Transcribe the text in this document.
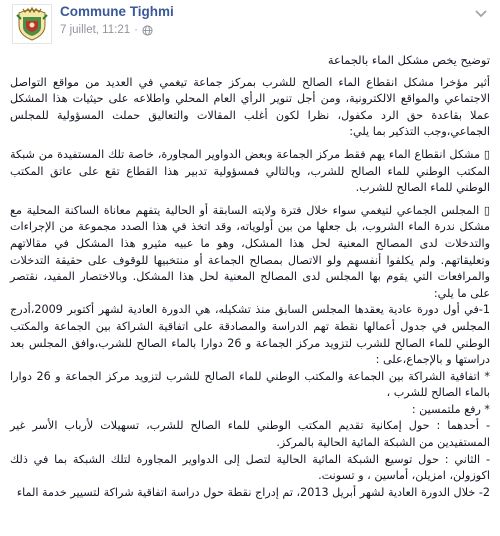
Commune Tighmi
7 juillet, 11:21 ·

توضيح يخص مشكل الماء بالجماعة

أثير مؤخرا مشكل انقطاع الماء الصالح للشرب بمركز جماعة تيغمي في العديد من مواقع التواصل الاجتماعي والمواقع الالكترونية، ومن أجل تنوير الرأي العام المحلي واطلاعه على حيثيات هذا المشكل عملا بقاعدة حق الرد مكفول، نظرا لكون أغلب المقالات والتعاليق حملت المسؤولية للمجلس الجماعي،وجب التذكير بما يلي:

▯ مشكل انقطاع الماء يهم فقط مركز الجماعة وبعض الدواوير المجاورة، خاصة تلك المستفيدة من شبكة المكتب الوطني للماء الصالح للشرب، وبالتالي فمسؤولية تدبير هذا القطاع تقع على عاتق المكتب الوطني للماء الصالح للشرب.

▯ المجلس الجماعي لتيغمي سواء خلال فترة ولايته السابقة أو الحالية يتفهم معاناة الساكنة المحلية مع مشكل ندرة الماء الشروب، بل جعلها من بين أولوياته، وقد اتخذ في هذا الصدد مجموعة من الإجراءات والتدخلات لدى المصالح المعنية لحل هذا المشكل، وهو ما عبيه مثيرو هذا المشكل في مقالاتهم وتعليقاتهم. ولم يكلفوا أنفسهم ولو الاتصال بمصالح الجماعة أو منتخبيها للوقوف على حقيقة التدخلات والمرافعات التي يقوم بها المجلس لدى المصالح المعنية لحل هذا المشكل. وبالاختصار المفيد، نقتصر على ما يلي:

1-في أول دورة عادية يعقدها المجلس السابق منذ تشكيله، هي الدورة العادية لشهر أكتوبر 2009،أدرج المجلس في جدول أعمالها نقطة تهم الدراسة والمصادقة على اتفاقية الشراكة بين الجماعة والمكتب الوطني للماء الصالح للشرب لتزويد مركز الجماعة و 26 دوارا بالماء الصالح للشرب،وافق المجلس بعد دراستها و بالإجماع،على :

* اتفاقية الشراكة بين الجماعة والمكتب الوطني للماء الصالح للشرب لتزويد مركز الجماعة و 26 دوارا بالماء الصالح للشرب ،

* رفع ملتمسين :

- أحدهما : حول إمكانية تقديم المكتب الوطني للماء الصالح للشرب، تسهيلات لأرباب الأسر غير المستفيدين من الشبكة المائية الحالية بالمركز.

- الثاني : حول توسيع الشبكة المائية الحالية لتصل إلى الدواوير المجاورة لتلك الشبكة بما في ذلك اكوزولن، امزيلن، أماسين ، و تسونت.

2- خلال الدورة العادية لشهر أبريل 2013، تم إدراج نقطة حول دراسة اتفاقية شراكة لتسيير خدمة الماء
